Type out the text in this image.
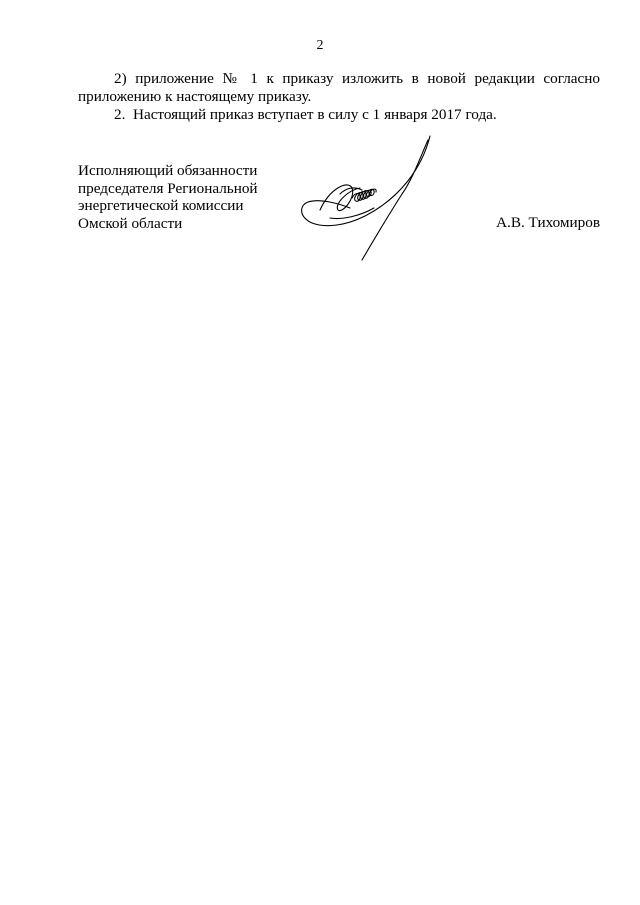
2

2) приложение № 1 к приказу изложить в новой редакции согласно приложению к настоящему приказу.

2.  Настоящий приказ вступает в силу с 1 января 2017 года.

Исполняющий обязанности
председателя Региональной
энергетической комиссии
Омской области	А.В. Тихомиров
